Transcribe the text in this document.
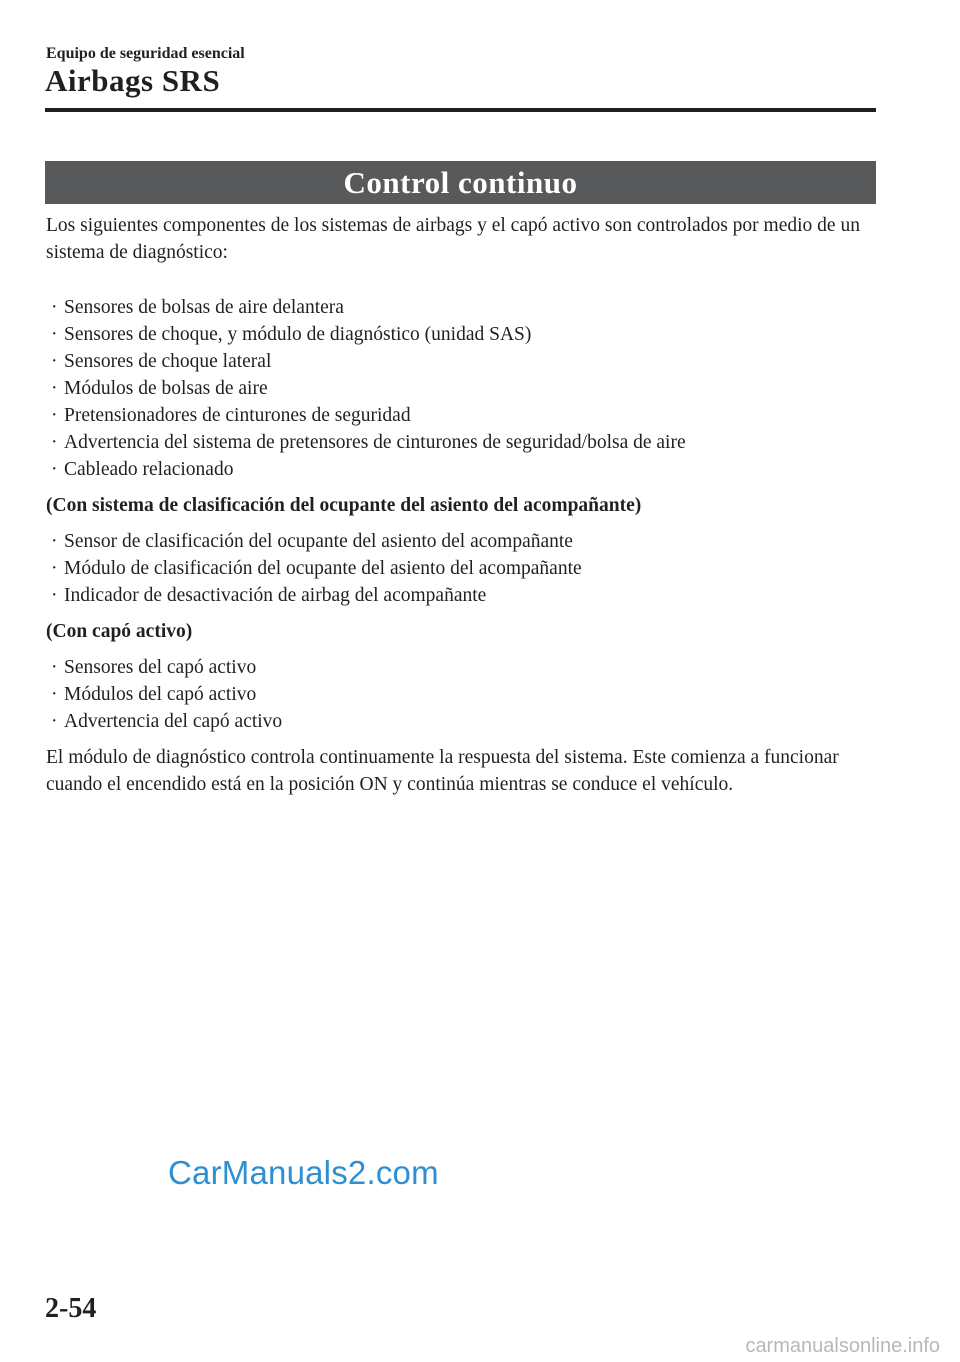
Equipo de seguridad esencial
Airbags SRS
Control continuo

Los siguientes componentes de los sistemas de airbags y el capó activo son controlados por medio de un sistema de diagnóstico:

· Sensores de bolsas de aire delantera
· Sensores de choque, y módulo de diagnóstico (unidad SAS)
· Sensores de choque lateral
· Módulos de bolsas de aire
· Pretensionadores de cinturones de seguridad
· Advertencia del sistema de pretensores de cinturones de seguridad/bolsa de aire
· Cableado relacionado

(Con sistema de clasificación del ocupante del asiento del acompañante)

· Sensor de clasificación del ocupante del asiento del acompañante
· Módulo de clasificación del ocupante del asiento del acompañante
· Indicador de desactivación de airbag del acompañante

(Con capó activo)

· Sensores del capó activo
· Módulos del capó activo
· Advertencia del capó activo

El módulo de diagnóstico controla continuamente la respuesta del sistema. Este comienza a funcionar cuando el encendido está en la posición ON y continúa mientras se conduce el vehículo.

CarManuals2.com
2-54
carmanualsonline.info
